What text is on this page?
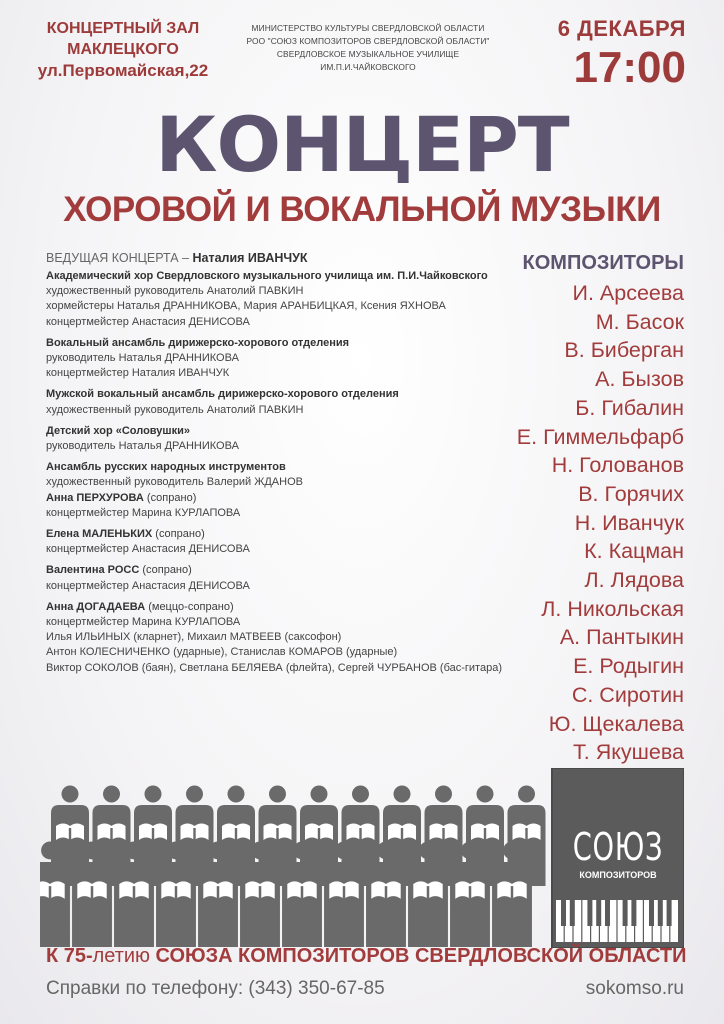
КОНЦЕРТНЫЙ ЗАЛ
МАКЛЕЦКОГО
ул.Первомайская,22
МИНИСТЕРСТВО КУЛЬТУРЫ СВЕРДЛОВСКОЙ ОБЛАСТИ
РОО "СОЮЗ КОМПОЗИТОРОВ СВЕРДЛОВСКОЙ ОБЛАСТИ"
СВЕРДЛОВСКОЕ МУЗЫКАЛЬНОЕ УЧИЛИЩЕ ИМ.П.И.ЧАЙКОВСКОГО
6 ДЕКАБРЯ
17:00
КОНЦЕРТ
ХОРОВОЙ И ВОКАЛЬНОЙ МУЗЫКИ
ВЕДУЩАЯ КОНЦЕРТА – Наталия ИВАНЧУК
Академический хор Свердловского музыкального училища им. П.И.Чайковского
художественный руководитель Анатолий ПАВКИН
хормейстеры Наталья ДРАННИКОВА, Мария АРАНБИЦКАЯ, Ксения ЯХНОВА
концертмейстер Анастасия ДЕНИСОВА
Вокальный ансамбль дирижерско-хорового отделения
руководитель Наталья ДРАННИКОВА
концертмейстер Наталия ИВАНЧУК
Мужской вокальный ансамбль дирижерско-хорового отделения
художественный руководитель Анатолий ПАВКИН
Детский хор «Соловушки»
руководитель Наталья ДРАННИКОВА
Ансамбль русских народных инструментов
художественный руководитель Валерий ЖДАНОВ
Анна ПЕРХУРОВА (сопрано)
концертмейстер Марина КУРЛАПОВА
Елена МАЛЕНЬКИХ (сопрано)
концертмейстер Анастасия ДЕНИСОВА
Валентина РОСС (сопрано)
концертмейстер Анастасия ДЕНИСОВА
Анна ДОГАДАЕВА (меццо-сопрано)
концертмейстер Марина КУРЛАПОВА
Илья ИЛЬИНЫХ (кларнет), Михаил МАТВЕЕВ (саксофон)
Антон КОЛЕСНИЧЕНКО (ударные), Станислав КОМАРОВ (ударные)
Виктор СОКОЛОВ (баян), Светлана БЕЛЯЕВА (флейта), Сергей ЧУРБАНОВ (бас-гитара)
КОМПОЗИТОРЫ
И. Арсеева
М. Басок
В. Биберган
А. Бызов
Б. Гибалин
Е. Гиммельфарб
Н. Голованов
В. Горячих
Н. Иванчук
К. Кацман
Л. Лядова
Л. Никольская
А. Пантыкин
Е. Родыгин
С. Сиротин
Ю. Щекалева
Т. Якушева
СОЮЗ
КОМПОЗИТОРОВ
К 75-летию СОЮЗА КОМПОЗИТОРОВ СВЕРДЛОВСКОЙ ОБЛАСТИ
Справки по телефону: (343) 350-67-85	sokomso.ru
